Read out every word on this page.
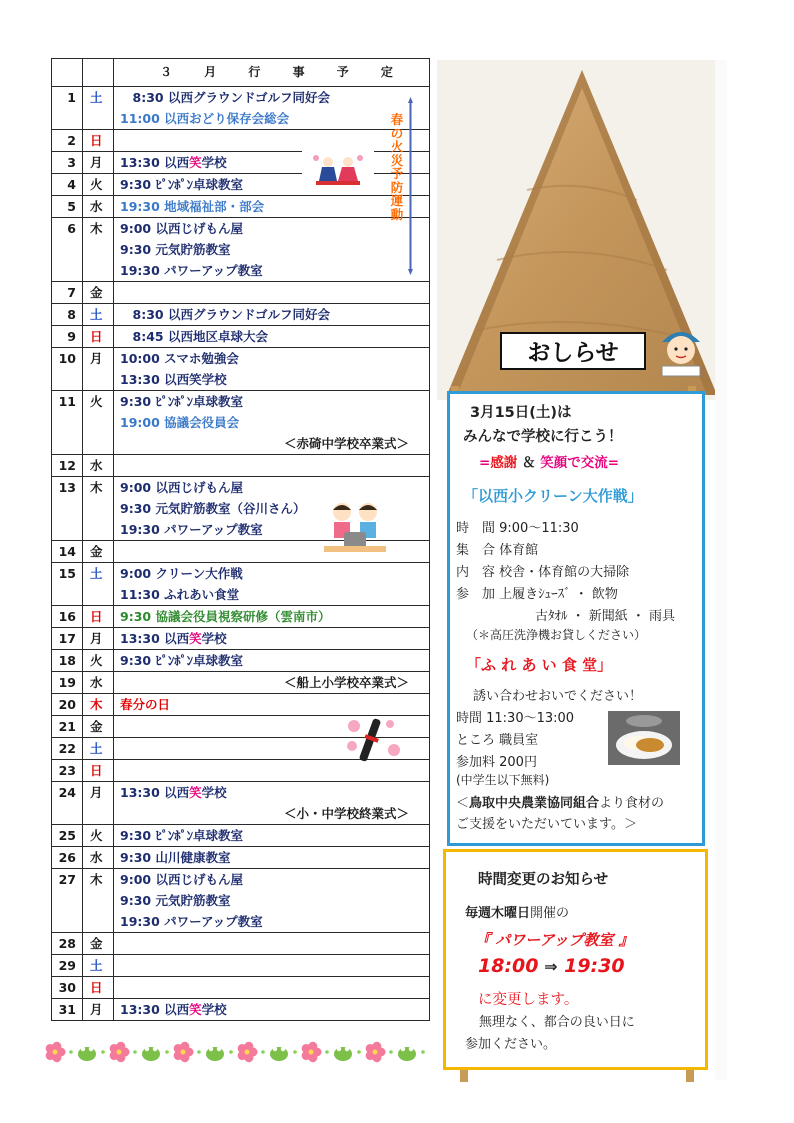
		３ 月 行 事 予 定

1	土	　8:30 以西グラウンドゴルフ同好会
11:00 以西おどり保存会総会

2	日	
3	月	13:30 以西笑学校

4	火	9:30 ﾋﾟﾝﾎﾟﾝ卓球教室

5	水	19:30 地域福祉部・部会

6	木	9:00 以西じげもん屋
9:30 元気貯筋教室
19:30 パワーアップ教室

7	金	
8	土	　8:30 以西グラウンドゴルフ同好会

9	日	　8:45 以西地区卓球大会

10	月	10:00 スマホ勉強会
13:30 以西笑学校

11	火	9:30 ﾋﾟﾝﾎﾟﾝ卓球教室
19:00 協議会役員会
＜赤碕中学校卒業式＞

12	水	
13	木	9:00 以西じげもん屋
9:30 元気貯筋教室（谷川さん）
19:30 パワーアップ教室

14	金	
15	土	9:00 クリーン大作戦
11:30 ふれあい食堂

16	日	9:30 協議会役員視察研修（雲南市）

17	月	13:30 以西笑学校

18	火	9:30 ﾋﾟﾝﾎﾟﾝ卓球教室

19	水	＜船上小学校卒業式＞

20	木	春分の日

21	金	
22	土	
23	日	
24	月	13:30 以西笑学校
＜小・中学校終業式＞

25	火	9:30 ﾋﾟﾝﾎﾟﾝ卓球教室

26	水	9:30 山川健康教室

27	木	9:00 以西じげもん屋
9:30 元気貯筋教室
19:30 パワーアップ教室

28	金	
29	土	
30	日	
31	月	13:30 以西笑学校
春
の
火
災
予
防
運
動
おしらせ
3月15日(土)は
みんなで学校に行こう！
=感謝 ＆ 笑顔で交流=
「以西小クリーン大作戦」
時　間 9:00～11:30
集　合 体育館
内　容 校舎・体育館の大掃除
参　加 上履きｼｭｰｽﾞ ・ 飲物
古ﾀｵﾙ ・ 新聞紙 ・ 雨具
（＊高圧洗浄機お貸しください）
「ふ れ あ い 食 堂」
誘い合わせおいでください！
時間 11:30～13:00
ところ 職員室
参加料 200円
(中学生以下無料)
＜鳥取中央農業協同組合より食材の
ご支援をいただいています。＞
時間変更のお知らせ
毎週木曜日開催の
『 パワーアップ教室 』
18:00 ⇒ 19:30
に変更します。
無理なく、都合の良い日に
参加ください。
